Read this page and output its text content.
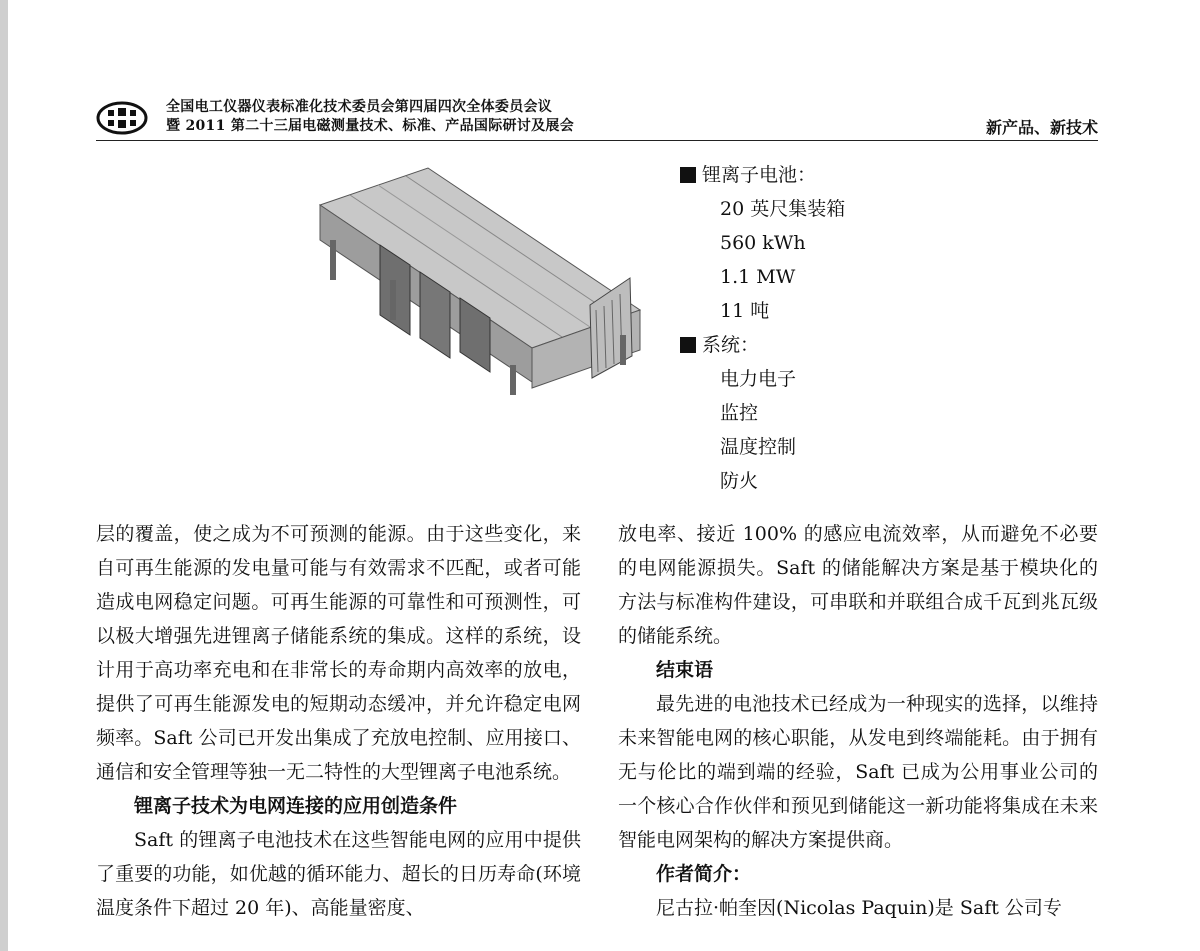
全国电工仪器仪表标准化技术委员会第四届四次全体委员会议
暨 2011 第二十三届电磁测量技术、标准、产品国际研讨及展会	新产品、新技术
锂离子电池：
20 英尺集装箱
560 kWh
1.1 MW
11 吨
系统：
电力电子
监控
温度控制
防火

层的覆盖，使之成为不可预测的能源。由于这些变化，来自可再生能源的发电量可能与有效需求不匹配，或者可能造成电网稳定问题。可再生能源的可靠性和可预测性，可以极大增强先进锂离子储能系统的集成。这样的系统，设计用于高功率充电和在非常长的寿命期内高效率的放电，提供了可再生能源发电的短期动态缓冲，并允许稳定电网频率。Saft 公司已开发出集成了充放电控制、应用接口、通信和安全管理等独一无二特性的大型锂离子电池系统。

锂离子技术为电网连接的应用创造条件

Saft 的锂离子电池技术在这些智能电网的应用中提供了重要的功能，如优越的循环能力、超长的日历寿命(环境温度条件下超过 20 年)、高能量密度、

放电率、接近 100% 的感应电流效率，从而避免不必要的电网能源损失。Saft 的储能解决方案是基于模块化的方法与标准构件建设，可串联和并联组合成千瓦到兆瓦级的储能系统。

结束语

最先进的电池技术已经成为一种现实的选择，以维持未来智能电网的核心职能，从发电到终端能耗。由于拥有无与伦比的端到端的经验，Saft 已成为公用事业公司的一个核心合作伙伴和预见到储能这一新功能将集成在未来智能电网架构的解决方案提供商。

作者简介：

尼古拉·帕奎因(Nicolas Paquin)是 Saft 公司专
